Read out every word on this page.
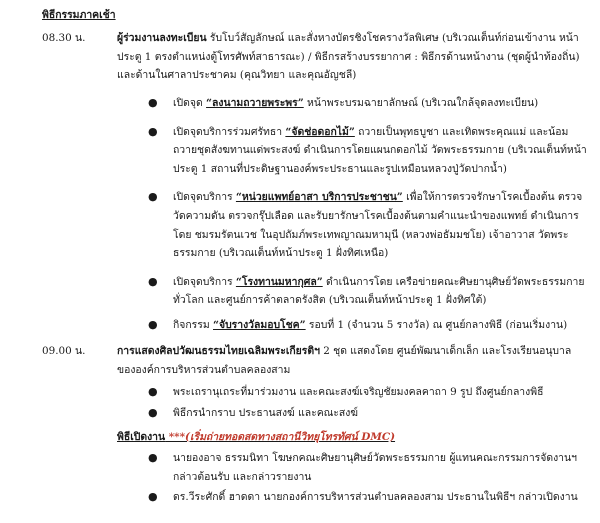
พิธีกรรมภาคเช้า
08.30 น.	ผู้ร่วมงานลงทะเบียน รับโบว์สัญลักษณ์ และสั่งหางบัตรชิงโชครางวัลพิเศษ (บริเวณเต็นท์ก่อนเข้างาน หน้าประตู 1 ตรงตำแหน่งตู้โทรศัพท์สาธารณะ) / พิธีกรสร้างบรรยากาศ : พิธีกรด้านหน้างาน (ชุดผู้นำท้องถิ่น) และด้านในศาลาประชาคม (คุณวิทยา และคุณอัญชลี)
● เปิดจุด “ลงนามถวายพระพร” หน้าพระบรมฉายาลักษณ์ (บริเวณใกล้จุดลงทะเบียน)
● เปิดจุดบริการร่วมศรัทธา “จัดช่อดอกไม้” ถวายเป็นพุทธบูชา และเทิดพระคุณแม่ และน้อมถวายชุดสังฆทานแด่พระสงฆ์ ดำเนินการโดยแผนกดอกไม้ วัดพระธรรมกาย (บริเวณเต็นท์หน้าประตู 1 สถานที่ประดิษฐานองค์พระประธานและรูปเหมือนหลวงปู่วัดปากน้ำ)
● เปิดจุดบริการ “หน่วยแพทย์อาสา บริการประชาชน” เพื่อให้การตรวจรักษาโรคเบื้องต้น ตรวจวัดความดัน ตรวจกรุ๊ปเลือด และรับยารักษาโรคเบื้องต้นตามคำแนะนำของแพทย์ ดำเนินการโดย ชมรมรัตนเวช ในอุปถัมภ์พระเทพญาณมหามุนี (หลวงพ่อธัมมชโย) เจ้าอาวาส วัดพระธรรมกาย (บริเวณเต็นท์หน้าประตู 1 ฝั่งทิศเหนือ)
● เปิดจุดบริการ “โรงทานมหากุศล” ดำเนินการโดย เครือข่ายคณะศิษยานุศิษย์วัดพระธรรมกายทั่วโลก และศูนย์การค้าตลาดรังสิต (บริเวณเต็นท์หน้าประตู 1 ฝั่งทิศใต้)
● กิจกรรม “จับรางวัลมอบโชค” รอบที่ 1 (จำนวน 5 รางวัล) ณ ศูนย์กลางพิธี (ก่อนเริ่มงาน)
09.00 น.	การแสดงศิลปวัฒนธรรมไทยเฉลิมพระเกียรติฯ 2 ชุด แสดงโดย ศูนย์พัฒนาเด็กเล็ก และโรงเรียนอนุบาล ขององค์การบริหารส่วนตำบลคลองสาม
● พระเถรานุเถระที่มาร่วมงาน และคณะสงฆ์เจริญชัยมงคลคาถา 9 รูป ถึงศูนย์กลางพิธี
● พิธีกรนำกราบ ประธานสงฆ์ และคณะสงฆ์
พิธีเปิดงาน ***(เริ่มถ่ายทอดสดทางสถานีวิทยุโทรทัศน์ DMC)
● นายองอาจ ธรรมนิทา โฆษกคณะศิษยานุศิษย์วัดพระธรรมกาย ผู้แทนคณะกรรมการจัดงานฯ กล่าวต้อนรับ และกล่าวรายงาน
● ดร.วีระศักดิ์ ฮาดดา นายกองค์การบริหารส่วนตำบลคลองสาม ประธานในพิธีฯ กล่าวเปิดงาน
